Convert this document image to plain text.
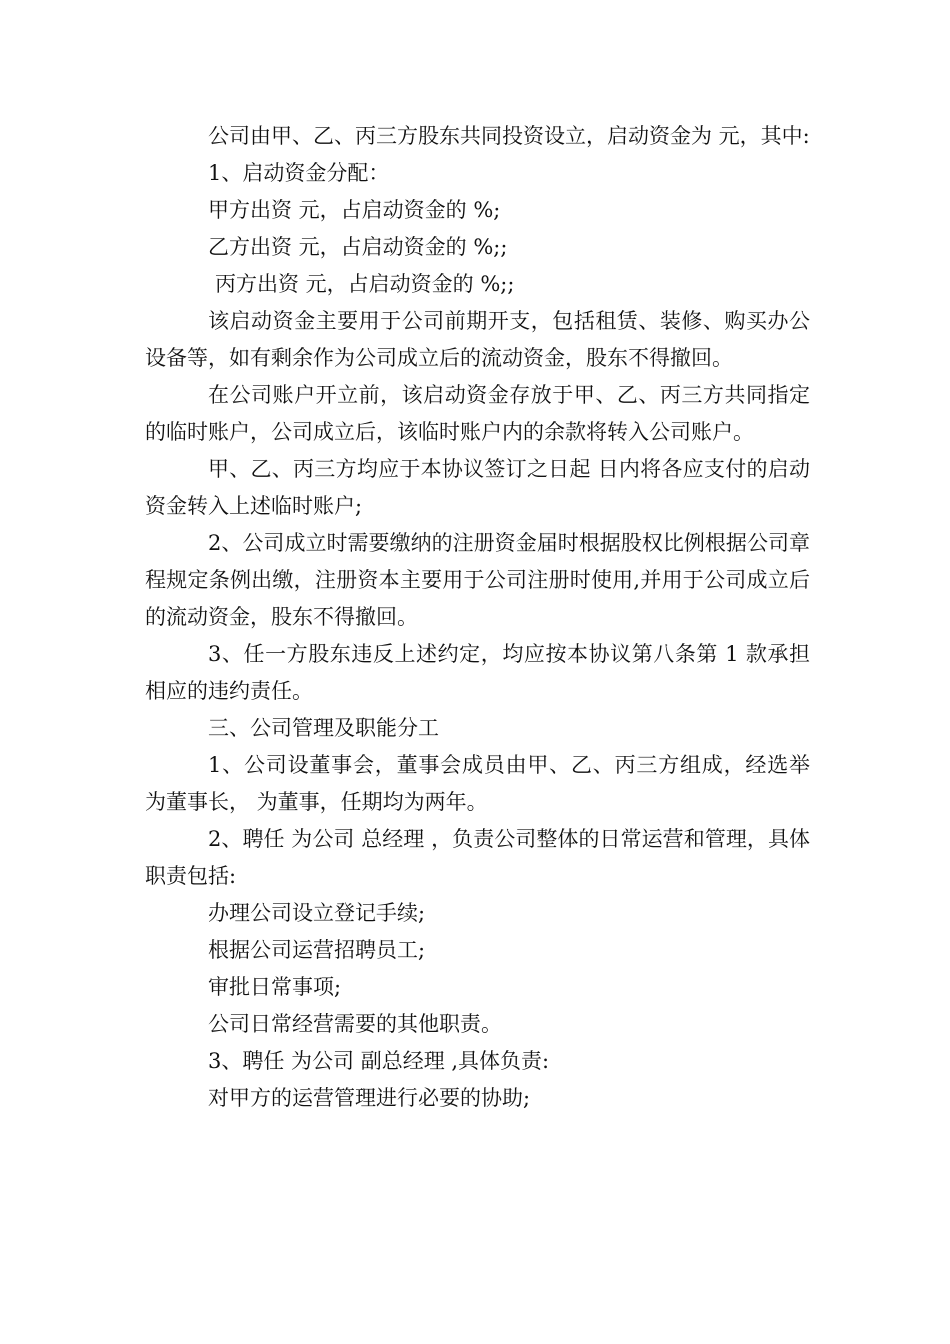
公司由甲、乙、丙三方股东共同投资设立，启动资金为 元，其中:

1、启动资金分配：

甲方出资 元，占启动资金的 %;

乙方出资 元，占启动资金的 %;;

丙方出资 元，占启动资金的 %;;

该启动资金主要用于公司前期开支，包括租赁、装修、购买办公设备等，如有剩余作为公司成立后的流动资金，股东不得撤回。

在公司账户开立前，该启动资金存放于甲、乙、丙三方共同指定的临时账户，公司成立后，该临时账户内的余款将转入公司账户。

甲、乙、丙三方均应于本协议签订之日起 日内将各应支付的启动资金转入上述临时账户;

2、公司成立时需要缴纳的注册资金届时根据股权比例根据公司章程规定条例出缴，注册资本主要用于公司注册时使用,并用于公司成立后的流动资金，股东不得撤回。

3、任一方股东违反上述约定，均应按本协议第八条第 1 款承担相应的违约责任。

三、公司管理及职能分工

1、公司设董事会，董事会成员由甲、乙、丙三方组成，经选举 为董事长， 为董事，任期均为两年。

2、聘任 为公司 总经理 ，负责公司整体的日常运营和管理，具体职责包括:

办理公司设立登记手续;

根据公司运营招聘员工;

审批日常事项;

公司日常经营需要的其他职责。

3、聘任 为公司 副总经理 ,具体负责:

对甲方的运营管理进行必要的协助;
